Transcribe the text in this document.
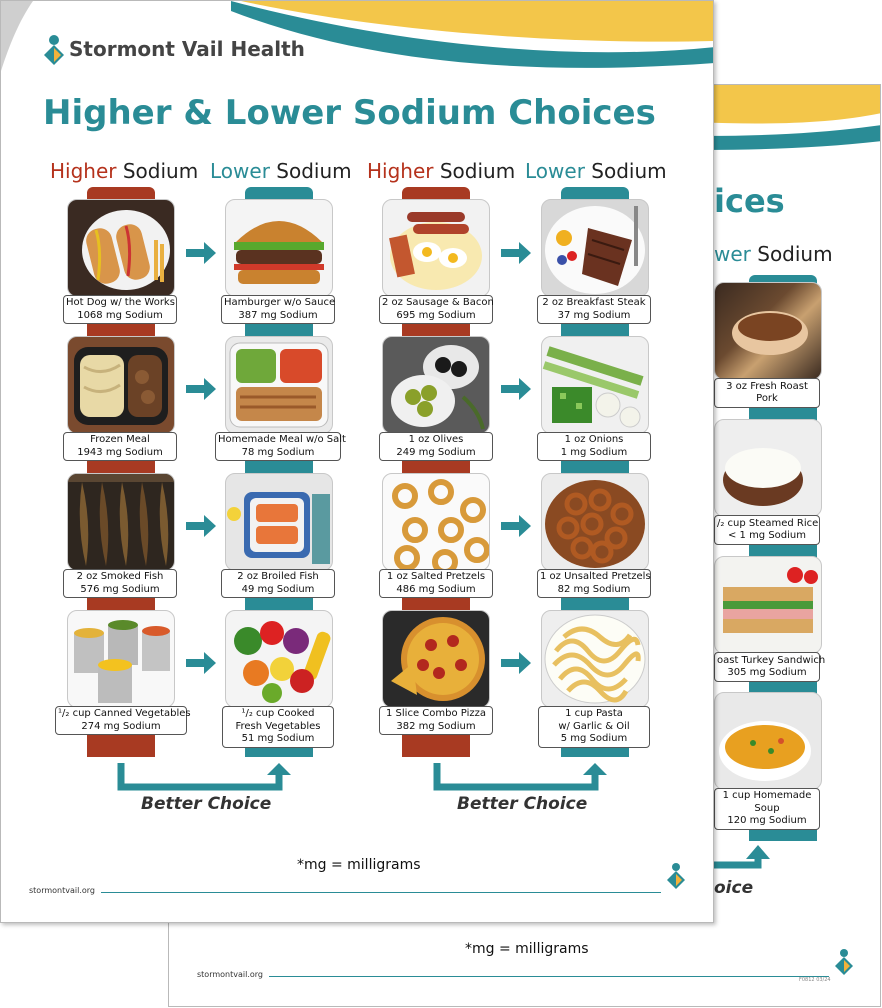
ices
wer Sodium
3 oz Fresh Roast
Pork
/₂ cup Steamed Rice
< 1 mg Sodium
oast Turkey Sandwich
305 mg Sodium
1 cup Homemade
Soup
120 mg Sodium
oice
*mg = milligrams
stormontvail.org
F0812 03/24
Stormont Vail Health
Higher & Lower Sodium Choices
Higher Sodium Lower Sodium Higher Sodium Lower Sodium
Hot Dog w/ the Works
1068 mg Sodium
Hamburger w/o Sauce
387 mg Sodium
2 oz Sausage & Bacon
695 mg Sodium
2 oz Breakfast Steak
37 mg Sodium
Frozen Meal
1943 mg Sodium
Homemade Meal w/o Salt
78 mg Sodium
1 oz Olives
249 mg Sodium
1 oz Onions
1 mg Sodium
2 oz Smoked Fish
576 mg Sodium
2 oz Broiled Fish
49 mg Sodium
1 oz Salted Pretzels
486 mg Sodium
1 oz Unsalted Pretzels
82 mg Sodium
¹/₂ cup Canned Vegetables
274 mg Sodium
¹/₂ cup Cooked
Fresh Vegetables
51 mg Sodium
1 Slice Combo Pizza
382 mg Sodium
1 cup Pasta
w/ Garlic & Oil
5 mg Sodium
Better Choice	Better Choice
*mg = milligrams
stormontvail.org
